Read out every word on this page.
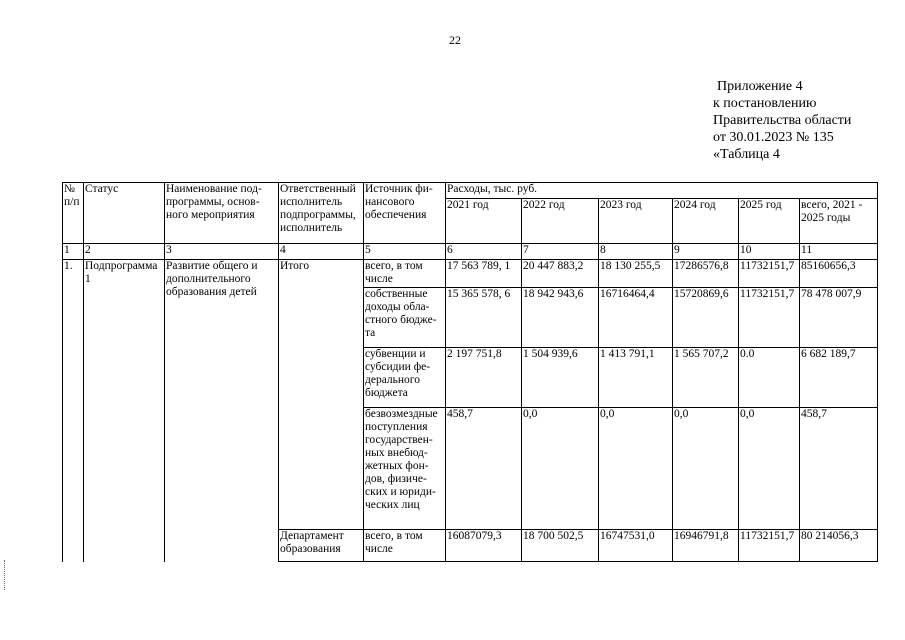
22
Приложение 4
к постановлению
Правительства области
от 30.01.2023 № 135
«Таблица 4
№ п/п	Статус	Наименование под-программы, основ-ного мероприятия	Ответственный исполнитель подпрограммы, исполнитель	Источник фи-нансового обеспечения	Расходы, тыс. руб.					
					2021 год	2022 год	2023 год	2024 год	2025 год	всего, 2021 - 2025 годы
1	2	3	4	5	6	7	8	9	10	11
1.	Подпрограмма 1	Развитие общего и дополнительного образования детей	Итого	всего, в том числе	17 563 789, 1	20 447 883,2	18 130 255,5	17286576,8	11732151,7	85160656,3
				собственные доходы обла-стного бюдже-та	15 365 578, 6	18 942 943,6	16716464,4	15720869,6	11732151,7	78 478 007,9
				субвенции и субсидии фе-дерального бюджета	2 197 751,8	1 504 939,6	1 413 791,1	1 565 707,2	0.0	6 682 189,7
				безвозмездные поступления государствен-ных внебюд-жетных фон-дов, физиче-ских и юриди-ческих лиц	458,7	0,0	0,0	0,0	0,0	458,7
			Департамент образования	всего, в том числе	16087079,3	18 700 502,5	16747531,0	16946791,8	11732151,7	80 214056,3
